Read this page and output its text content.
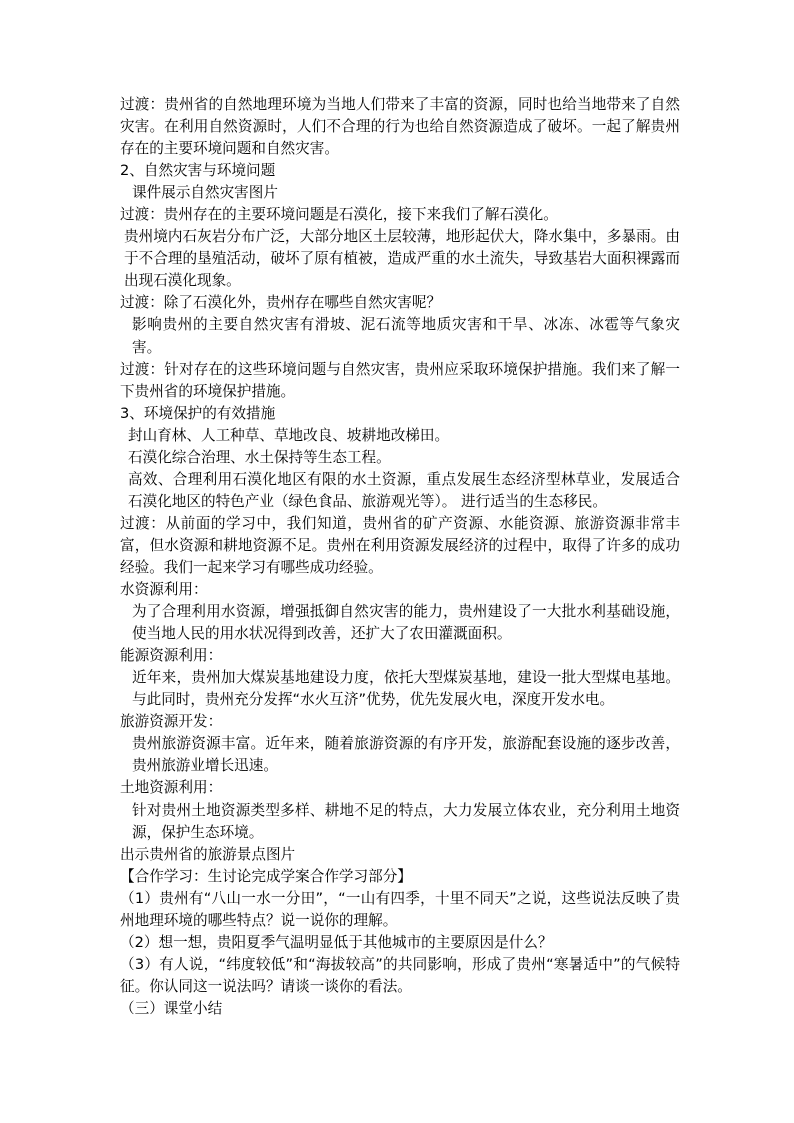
过渡：贵州省的自然地理环境为当地人们带来了丰富的资源，同时也给当地带来了自然灾害。在利用自然资源时，人们不合理的行为也给自然资源造成了破坏。一起了解贵州存在的主要环境问题和自然灾害。

2、自然灾害与环境问题

课件展示自然灾害图片

过渡：贵州存在的主要环境问题是石漠化，接下来我们了解石漠化。

贵州境内石灰岩分布广泛，大部分地区土层较薄，地形起伏大，降水集中，多暴雨。由于不合理的垦殖活动，破坏了原有植被，造成严重的水土流失，导致基岩大面积裸露而出现石漠化现象。

过渡：除了石漠化外，贵州存在哪些自然灾害呢？

影响贵州的主要自然灾害有滑坡、泥石流等地质灾害和干旱、冰冻、冰雹等气象灾害。

过渡：针对存在的这些环境问题与自然灾害，贵州应采取环境保护措施。我们来了解一下贵州省的环境保护措施。

3、环境保护的有效措施

封山育林、人工种草、草地改良、坡耕地改梯田。

石漠化综合治理、水土保持等生态工程。

高效、合理利用石漠化地区有限的水土资源，重点发展生态经济型林草业，发展适合石漠化地区的特色产业（绿色食品、旅游观光等）。 进行适当的生态移民。

过渡：从前面的学习中，我们知道，贵州省的矿产资源、水能资源、旅游资源非常丰富，但水资源和耕地资源不足。贵州在利用资源发展经济的过程中，取得了许多的成功经验。我们一起来学习有哪些成功经验。

水资源利用：

为了合理利用水资源，增强抵御自然灾害的能力，贵州建设了一大批水利基础设施，使当地人民的用水状况得到改善，还扩大了农田灌溉面积。

能源资源利用：

近年来，贵州加大煤炭基地建设力度，依托大型煤炭基地，建设一批大型煤电基地。与此同时，贵州充分发挥“水火互济”优势，优先发展火电，深度开发水电。

旅游资源开发：

贵州旅游资源丰富。近年来，随着旅游资源的有序开发，旅游配套设施的逐步改善，贵州旅游业增长迅速。

土地资源利用：

针对贵州土地资源类型多样、耕地不足的特点，大力发展立体农业，充分利用土地资源，保护生态环境。

出示贵州省的旅游景点图片

【合作学习：生讨论完成学案合作学习部分】

（1）贵州有“八山一水一分田”，“一山有四季，十里不同天”之说，这些说法反映了贵州地理环境的哪些特点？说一说你的理解。

（2）想一想，贵阳夏季气温明显低于其他城市的主要原因是什么？

（3）有人说，“纬度较低”和“海拔较高”的共同影响，形成了贵州“寒暑适中”的气候特征。你认同这一说法吗？请谈一谈你的看法。

（三）课堂小结
